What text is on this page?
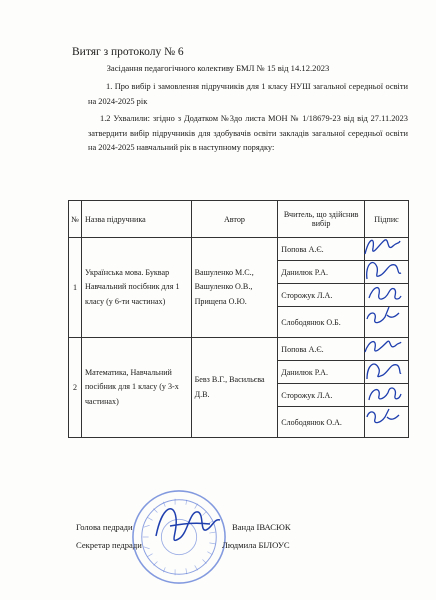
Витяг з протоколу № 6
Засідання педагогічного колективу БМЛ № 15 від 14.12.2023
1. Про вибір і замовлення підручників для 1 класу НУШ загальної середньої освіти на 2024-2025 рік
1.2 Ухвалили: згідно з Додатком №3до листа МОН № 1/18679-23 від від 27.11.2023 затвердити вибір підручників для здобувачів освіти закладів загальної середньої освіти на 2024-2025 навчальний рік в наступному порядку:
№	Назва підручника	Автор	Вчитель, що здійснив вибір	Підпис
1	Українська мова. Буквар Навчальний посібник для 1 класу (у 6-ти частинах)	Вашуленко М.С., Вашуленко О.В., Прищепа О.Ю.	Попова А.Є.	

			Данилюк Р.А.	

			Сторожук Л.А.	

			Слободянюк О.Б.	

2	Математика, Навчальний посібник для 1 класу (у 3-х частинах)	Бевз В.Г., Васильєва Д.В.	Попова А.Є.	

			Данилюк Р.А.	

			Сторожук Л.А.	

			Слободянюк О.А.	
Голова педради	Ванда ІВАСЮК
Секретар педради	Людмила БІЛОУС
